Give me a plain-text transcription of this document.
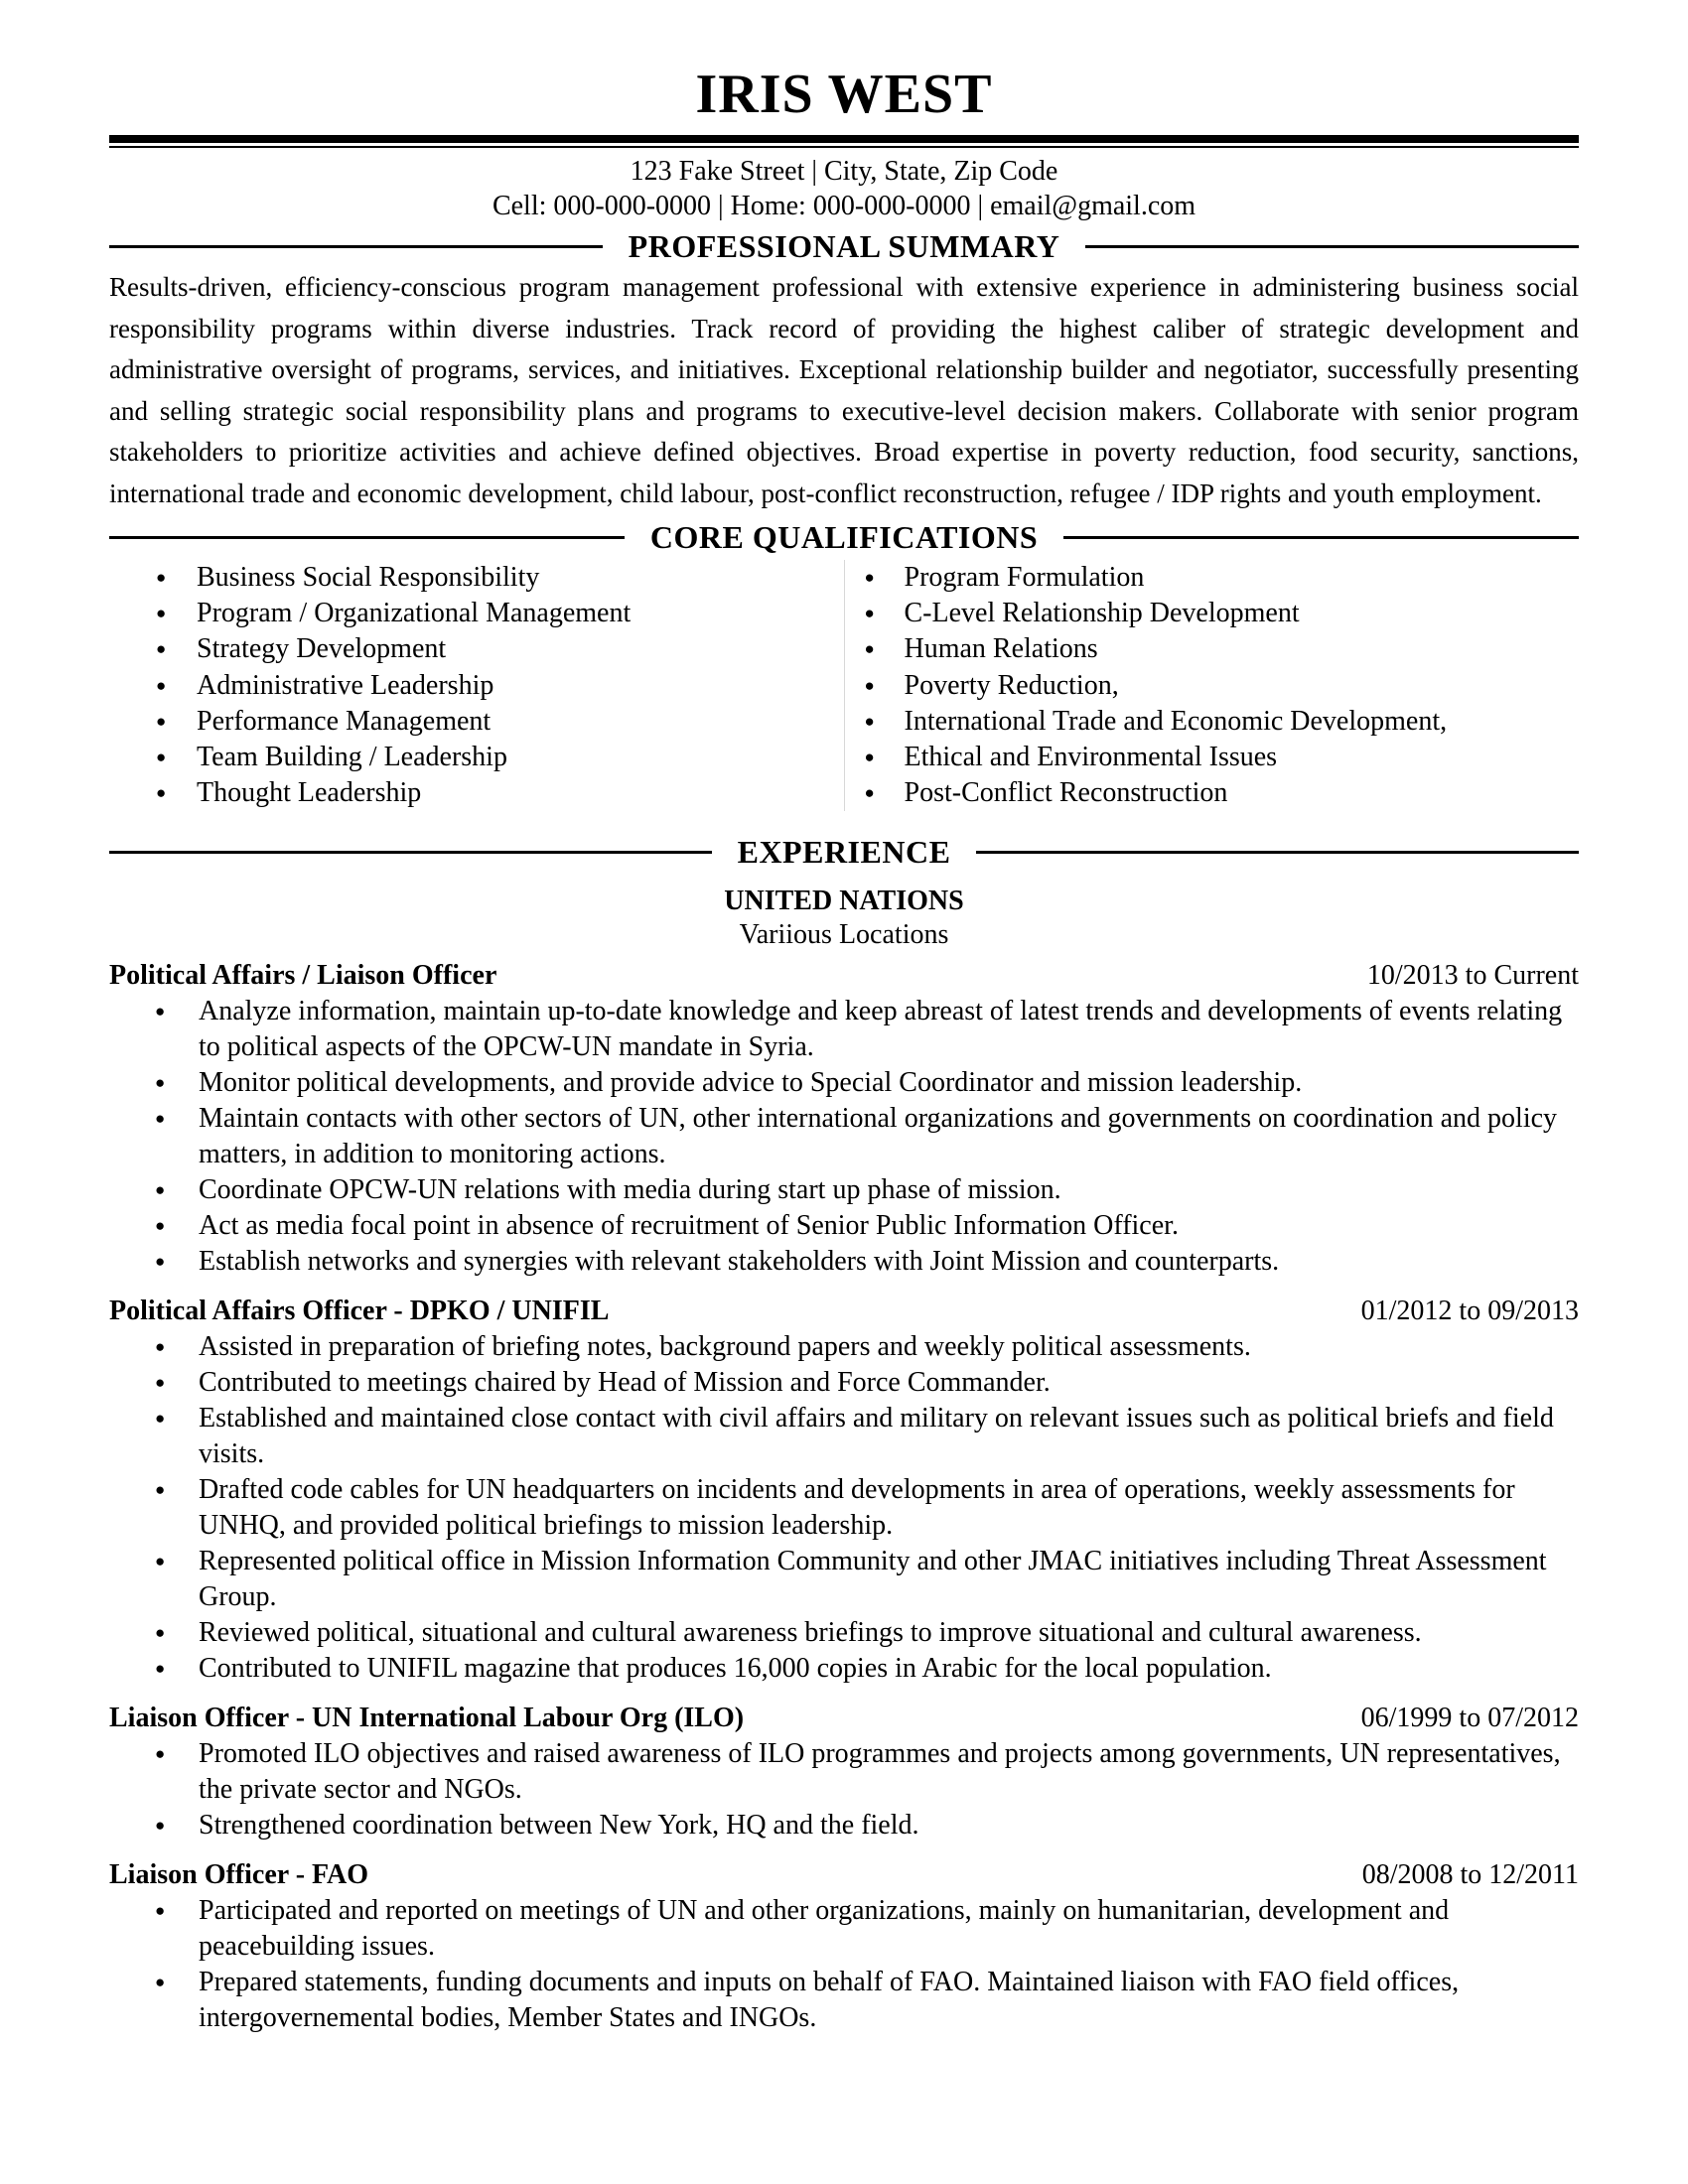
IRIS WEST
123 Fake Street | City, State, Zip Code
Cell: 000-000-0000 | Home: 000-000-0000 | email@gmail.com
PROFESSIONAL SUMMARY

Results-driven, efficiency-conscious program management professional with extensive experience in administering business social responsibility programs within diverse industries. Track record of providing the highest caliber of strategic development and administrative oversight of programs, services, and initiatives. Exceptional relationship builder and negotiator, successfully presenting and selling strategic social responsibility plans and programs to executive-level decision makers. Collaborate with senior program stakeholders to prioritize activities and achieve defined objectives. Broad expertise in poverty reduction, food security, sanctions, international trade and economic development, child labour, post-conflict reconstruction, refugee / IDP rights and youth employment.

CORE QUALIFICATIONS
● Business Social Responsibility
● Program / Organizational Management
● Strategy Development
● Administrative Leadership
● Performance Management
● Team Building / Leadership
● Thought Leadership
● Program Formulation
● C-Level Relationship Development
● Human Relations
● Poverty Reduction,
● International Trade and Economic Development,
● Ethical and Environmental Issues
● Post-Conflict Reconstruction
EXPERIENCE
UNITED NATIONS
Variious Locations
Political Affairs / Liaison Officer	10/2013 to Current
● Analyze information, maintain up-to-date knowledge and keep abreast of latest trends and developments of events relating to political aspects of the OPCW-UN mandate in Syria.
● Monitor political developments, and provide advice to Special Coordinator and mission leadership.
● Maintain contacts with other sectors of UN, other international organizations and governments on coordination and policy matters, in addition to monitoring actions.
● Coordinate OPCW-UN relations with media during start up phase of mission.
● Act as media focal point in absence of recruitment of Senior Public Information Officer.
● Establish networks and synergies with relevant stakeholders with Joint Mission and counterparts.
Political Affairs Officer - DPKO / UNIFIL	01/2012 to 09/2013
● Assisted in preparation of briefing notes, background papers and weekly political assessments.
● Contributed to meetings chaired by Head of Mission and Force Commander.
● Established and maintained close contact with civil affairs and military on relevant issues such as political briefs and field visits.
● Drafted code cables for UN headquarters on incidents and developments in area of operations, weekly assessments for UNHQ, and provided political briefings to mission leadership.
● Represented political office in Mission Information Community and other JMAC initiatives including Threat Assessment Group.
● Reviewed political, situational and cultural awareness briefings to improve situational and cultural awareness.
● Contributed to UNIFIL magazine that produces 16,000 copies in Arabic for the local population.
Liaison Officer - UN International Labour Org (ILO)	06/1999 to 07/2012
● Promoted ILO objectives and raised awareness of ILO programmes and projects among governments, UN representatives, the private sector and NGOs.
● Strengthened coordination between New York, HQ and the field.
Liaison Officer - FAO	08/2008 to 12/2011
● Participated and reported on meetings of UN and other organizations, mainly on humanitarian, development and peacebuilding issues.
● Prepared statements, funding documents and inputs on behalf of FAO. Maintained liaison with FAO field offices, intergovernemental bodies, Member States and INGOs.
